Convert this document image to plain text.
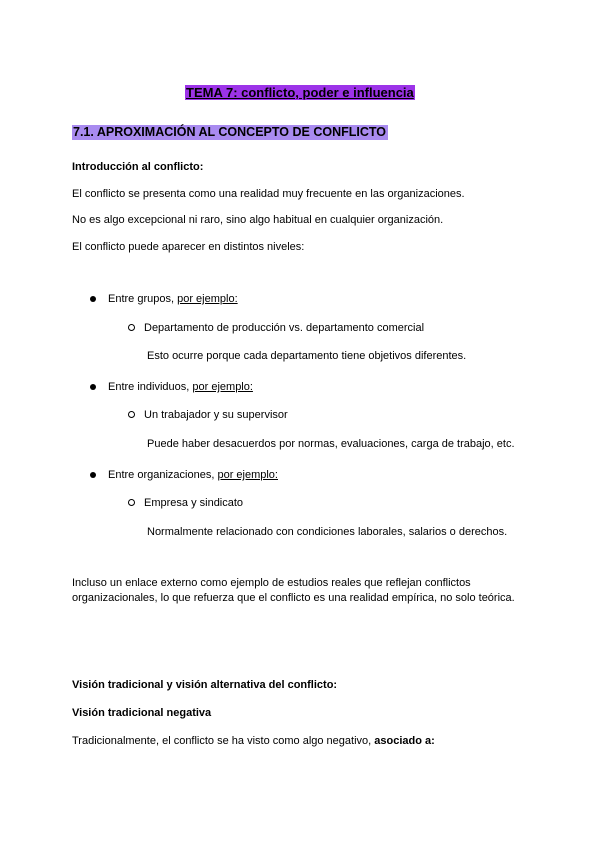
TEMA 7: conflicto, poder e influencia
7.1. APROXIMACIÓN AL CONCEPTO DE CONFLICTO
Introducción al conflicto:
El conflicto se presenta como una realidad muy frecuente en las organizaciones.
No es algo excepcional ni raro, sino algo habitual en cualquier organización.
El conflicto puede aparecer en distintos niveles:
Entre grupos, por ejemplo:
Departamento de producción vs. departamento comercial
Esto ocurre porque cada departamento tiene objetivos diferentes.
Entre individuos, por ejemplo:
Un trabajador y su supervisor
Puede haber desacuerdos por normas, evaluaciones, carga de trabajo, etc.
Entre organizaciones, por ejemplo:
Empresa y sindicato
Normalmente relacionado con condiciones laborales, salarios o derechos.
Incluso un enlace externo como ejemplo de estudios reales que reflejan conflictos
organizacionales, lo que refuerza que el conflicto es una realidad empírica, no solo teórica.
Visión tradicional y visión alternativa del conflicto:
Visión tradicional negativa
Tradicionalmente, el conflicto se ha visto como algo negativo, asociado a:
